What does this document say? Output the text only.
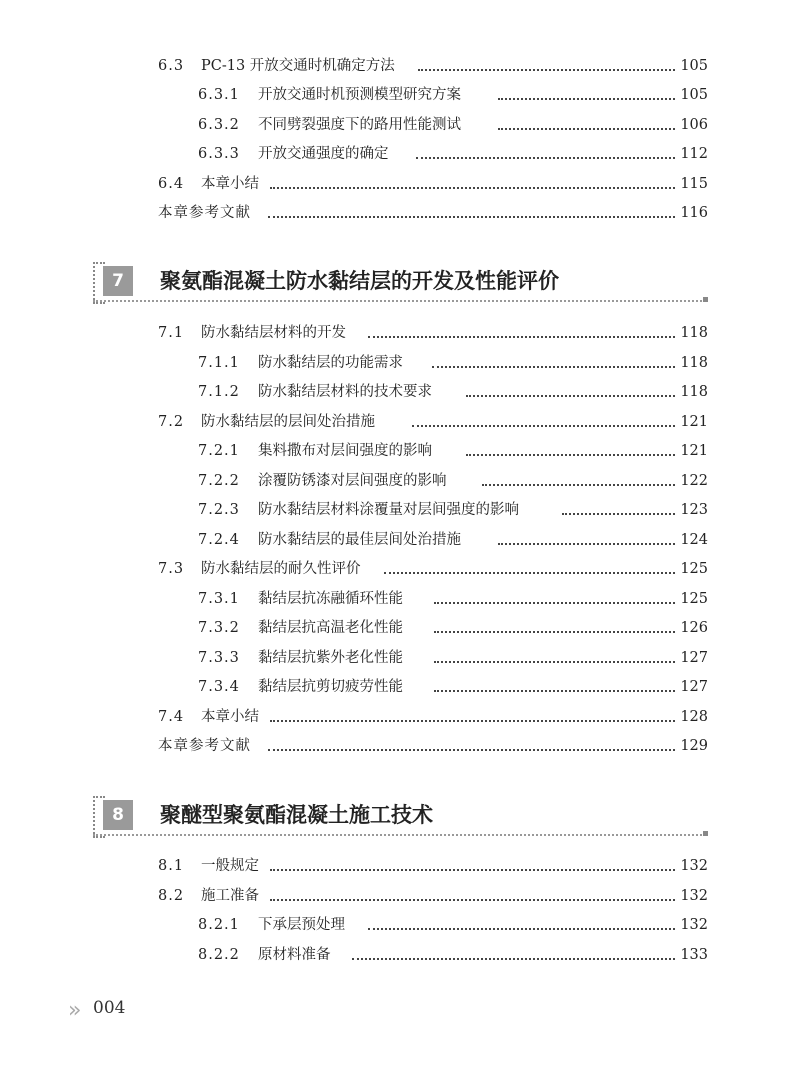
6.3 PC-13 开放交通时机确定方法	105
6.3.1 开放交通时机预测模型研究方案	105
6.3.2 不同劈裂强度下的路用性能测试	106
6.3.3 开放交通强度的确定	112
6.4 本章小结	115
本章参考文献	116
7	聚氨酯混凝土防水黏结层的开发及性能评价
7.1 防水黏结层材料的开发	118
7.1.1 防水黏结层的功能需求	118
7.1.2 防水黏结层材料的技术要求	118
7.2 防水黏结层的层间处治措施	121
7.2.1 集料撒布对层间强度的影响	121
7.2.2 涂覆防锈漆对层间强度的影响	122
7.2.3 防水黏结层材料涂覆量对层间强度的影响	123
7.2.4 防水黏结层的最佳层间处治措施	124
7.3 防水黏结层的耐久性评价	125
7.3.1 黏结层抗冻融循环性能	125
7.3.2 黏结层抗高温老化性能	126
7.3.3 黏结层抗紫外老化性能	127
7.3.4 黏结层抗剪切疲劳性能	127
7.4 本章小结	128
本章参考文献	129
8	聚醚型聚氨酯混凝土施工技术
8.1 一般规定	132
8.2 施工准备	132
8.2.1 下承层预处理	132
8.2.2 原材料准备	133
» 004
